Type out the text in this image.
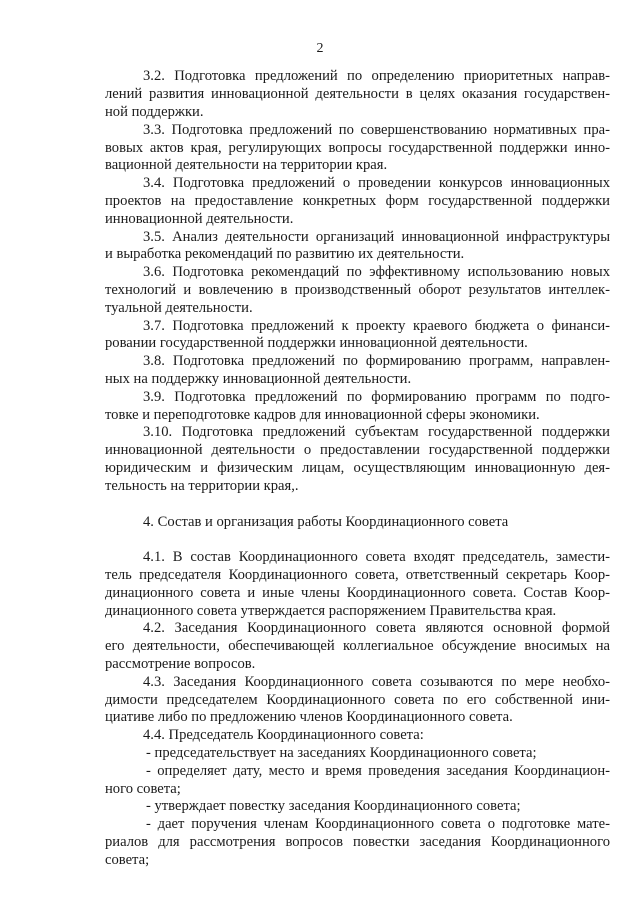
2
3.2. Подготовка предложений по определению приоритетных направ-
лений развития инновационной деятельности в целях оказания государствен-
ной поддержки.
3.3. Подготовка предложений по совершенствованию нормативных пра-
вовых актов края, регулирующих вопросы государственной поддержки инно-
вационной деятельности на территории края.
3.4. Подготовка предложений о проведении конкурсов инновационных
проектов на предоставление конкретных форм государственной поддержки
инновационной деятельности.
3.5. Анализ деятельности организаций инновационной инфраструктуры
и выработка рекомендаций по развитию их деятельности.
3.6. Подготовка рекомендаций по эффективному использованию новых
технологий и вовлечению в производственный оборот результатов интеллек-
туальной деятельности.
3.7. Подготовка предложений к проекту краевого бюджета о финанси-
ровании государственной поддержки инновационной деятельности.
3.8. Подготовка предложений по формированию программ, направлен-
ных на поддержку инновационной деятельности.
3.9. Подготовка предложений по формированию программ по подго-
товке и переподготовке кадров для инновационной сферы экономики.
3.10. Подготовка предложений субъектам государственной поддержки
инновационной деятельности о предоставлении государственной поддержки
юридическим и физическим лицам, осуществляющим инновационную дея-
тельность на территории края,.
4. Состав и организация работы Координационного совета
4.1. В состав Координационного совета входят председатель, замести-
тель председателя Координационного совета, ответственный секретарь Коор-
динационного совета и иные члены Координационного совета. Состав Коор-
динационного совета утверждается распоряжением Правительства края.
4.2. Заседания Координационного совета являются основной формой
его деятельности, обеспечивающей коллегиальное обсуждение вносимых на
рассмотрение вопросов.
4.3. Заседания Координационного совета созываются по мере необхо-
димости председателем Координационного совета по его собственной ини-
циативе либо по предложению членов Координационного совета.
4.4. Председатель Координационного совета:
- председательствует на заседаниях Координационного совета;
- определяет дату, место и время проведения заседания Координацион-
ного совета;
- утверждает повестку заседания Координационного совета;
- дает поручения членам Координационного совета о подготовке мате-
риалов для рассмотрения вопросов повестки заседания Координационного
совета;
